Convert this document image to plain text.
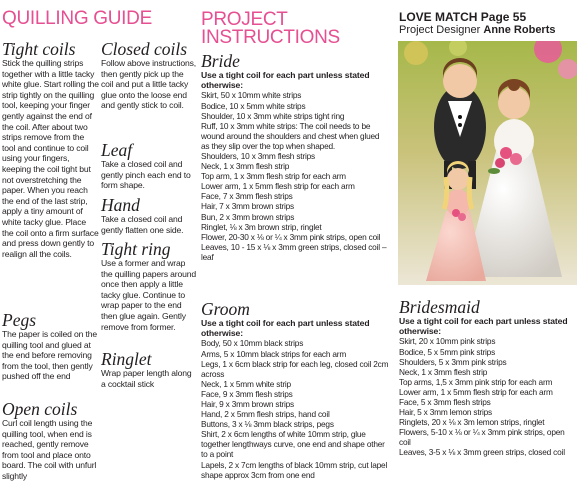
QUILLING GUIDE
Tight coils

Stick the quilling strips together with a little tacky white glue. Start rolling the strip tightly on the quilling tool, keeping your finger gently against the end of the coil. After about two strips remove from the tool and continue to coil using your fingers, keeping the coil tight but not overstretching the paper. When you reach the end of the last strip, apply a tiny amount of white tacky glue. Place the coil onto a firm surface and press down gently to realign all the coils.

Pegs

The paper is coiled on the quilling tool and glued at the end before removing from the tool, then gently pushed off the end

Open coils

Curl coil length using the quilling tool, when end is reached, gently remove from tool and place onto board. The coil with unfurl slightly

Closed coils

Follow above instructions, then gently pick up the coil and put a little tacky glue onto the loose end and gently stick to coil.

Leaf

Take a closed coil and gently pinch each end to form shape.

Hand

Take a closed coil and gently flatten one side.

Tight ring

Use a former and wrap the quilling papers around once then apply a little tacky glue. Continue to wrap paper to the end then glue again. Gently remove from former.

Ringlet

Wrap paper length along a cocktail stick

PROJECT
INSTRUCTIONS
Bride

Use a tight coil for each part unless stated otherwise:

Skirt, 50 x 10mm white strips

Bodice, 10 x 5mm white strips

Shoulder, 10 x 3mm white strips tight ring

Ruff, 10 x 3mm white strips: The coil needs to be wound around the shoulders and chest when glued as they slip over the top when shaped.

Shoulders, 10 x 3mm flesh strips

Neck, 1 x 3mm flesh strip

Top arm, 1 x 3mm flesh strip for each arm

Lower arm, 1 x 5mm flesh strip for each arm

Face, 7 x 3mm flesh strips

Hair, 7 x 3mm brown strips

Bun, 2 x 3mm brown strips

Ringlet, ⅛ x 3m brown strip, ringlet

Flower, 20-30 x ⅛ or ¼ x 3mm pink strips, open coil

Leaves, 10 - 15 x ⅛ x 3mm green strips, closed coil – leaf

Groom

Use a tight coil for each part unless stated otherwise:

Body, 50 x 10mm black strips

Arms, 5 x 10mm black strips for each arm

Legs, 1 x 6cm black strip for each leg, closed coil 2cm across

Neck, 1 x 5mm white strip

Face, 9 x 3mm flesh strips

Hair, 9 x 3mm brown strips

Hand, 2 x 5mm flesh strips, hand coil

Buttons, 3 x ⅛ 3mm black strips, pegs

Shirt, 2 x 6cm lengths of white 10mm strip, glue together lengthways curve, one end and shape other to a point

Lapels, 2 x 7cm lengths of black 10mm strip, cut lapel shape approx 3cm from one end

LOVE MATCH Page 55

Project Designer Anne Roberts

Bridesmaid

Use a tight coil for each part unless stated otherwise:

Skirt, 20 x 10mm pink strips

Bodice, 5 x 5mm pink strips

Shoulders, 5 x 3mm pink strips

Neck, 1 x 3mm flesh strip

Top arms, 1,5 x 3mm pink strip for each arm

Lower arm, 1 x 5mm flesh strip for each arm

Face, 5 x 3mm flesh strips

Hair, 5 x 3mm lemon strips

Ringlets, 20 x ⅛ x 3m lemon strips, ringlet

Flowers, 5-10 x ⅛ or ¼ x 3mm pink strips, open coil

Leaves, 3-5 x ⅛ x 3mm green strips, closed coil
